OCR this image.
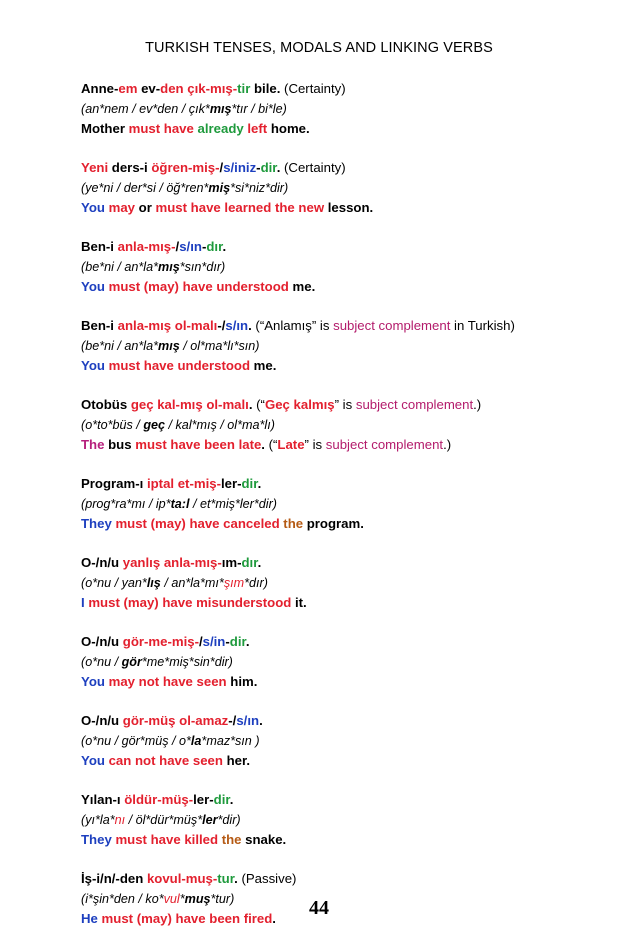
TURKISH TENSES, MODALS AND LINKING VERBS
Anne-em ev-den çık-mış-tir bile. (Certainty)
(an*nem / ev*den / çık*mış*tır / bi*le)
Mother must have already left home.
Yeni ders-i öğren-miş-/s/iniz-dir. (Certainty)
(ye*ni / der*si / öğ*ren*miş*si*niz*dir)
You may or must have learned the new lesson.
Ben-i anla-mış-/s/ın-dır.
(be*ni / an*la*mış*sın*dır)
You must (may) have understood me.
Ben-i anla-mış ol-malı-/s/ın. (“Anlamış” is subject complement in Turkish)
(be*ni / an*la*mış / ol*ma*lı*sın)
You must have understood me.
Otobüs geç kal-mış ol-malı. (“Geç kalmış” is subject complement.)
(o*to*büs / geç / kal*mış / ol*ma*lı)
The bus must have been late. (“Late” is subject complement.)
Program-ı iptal et-miş-ler-dir.
(prog*ra*mı / ip*ta:l / et*miş*ler*dir)
They must (may) have canceled the program.
O-/n/u yanlış anla-mış-ım-dır.
(o*nu / yan*lış / an*la*mı*şım*dır)
I must (may) have misunderstood it.
O-/n/u gör-me-miş-/s/in-dir.
(o*nu / gör*me*miş*sin*dir)
You may not have seen him.
O-/n/u gör-müş ol-amaz-/s/ın.
(o*nu / gör*müş / o*la*maz*sın )
You can not have seen her.
Yılan-ı öldür-müş-ler-dir.
(yı*la*nı / öl*dür*müş*ler*dir)
They must have killed the snake.
İş-i/n/-den kovul-muş-tur. (Passive)
(i*şin*den / ko*vul*muş*tur)
He must (may) have been fired.	44
